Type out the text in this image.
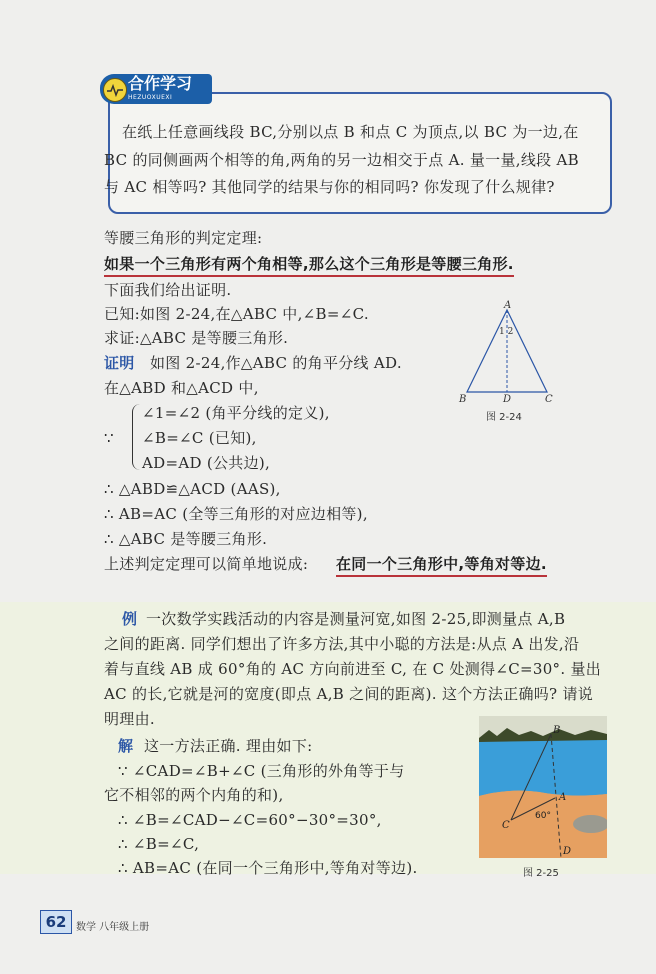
合作学习
HEZUOXUEXI
在纸上任意画线段 BC,分别以点 B 和点 C 为顶点,以 BC 为一边,在
BC 的同侧画两个相等的角,两角的另一边相交于点 A. 量一量,线段 AB
与 AC 相等吗? 其他同学的结果与你的相同吗? 你发现了什么规律?
等腰三角形的判定定理:
如果一个三角形有两个角相等,那么这个三角形是等腰三角形.
下面我们给出证明.
已知:如图 2-24,在△ABC 中,∠B=∠C.
求证:△ABC 是等腰三角形.
证明 如图 2-24,作△ABC 的角平分线 AD.
在△ABD 和△ACD 中,
∵
∠1=∠2 (角平分线的定义),
∠B=∠C (已知),
AD=AD (公共边),
∴ △ABD≌△ACD (AAS),
∴ AB=AC (全等三角形的对应边相等),
∴ △ABC 是等腰三角形.
上述判定定理可以简单地说成: 在同一个三角形中,等角对等边.
A
1 2
B	D	C
图 2-24
例 一次数学实践活动的内容是测量河宽,如图 2-25,即测量点 A,B
之间的距离. 同学们想出了许多方法,其中小聪的方法是:从点 A 出发,沿
着与直线 AB 成 60°角的 AC 方向前进至 C, 在 C 处测得∠C=30°. 量出
AC 的长,它就是河的宽度(即点 A,B 之间的距离). 这个方法正确吗? 请说
明理由.
解 这一方法正确. 理由如下:
∵ ∠CAD=∠B+∠C (三角形的外角等于与
它不相邻的两个内角的和),
∴ ∠B=∠CAD−∠C=60°−30°=30°,
∴ ∠B=∠C,
∴ AB=AC (在同一个三角形中,等角对等边).
B
A
C
D
60°
图 2-25
62 数学 八年级上册
